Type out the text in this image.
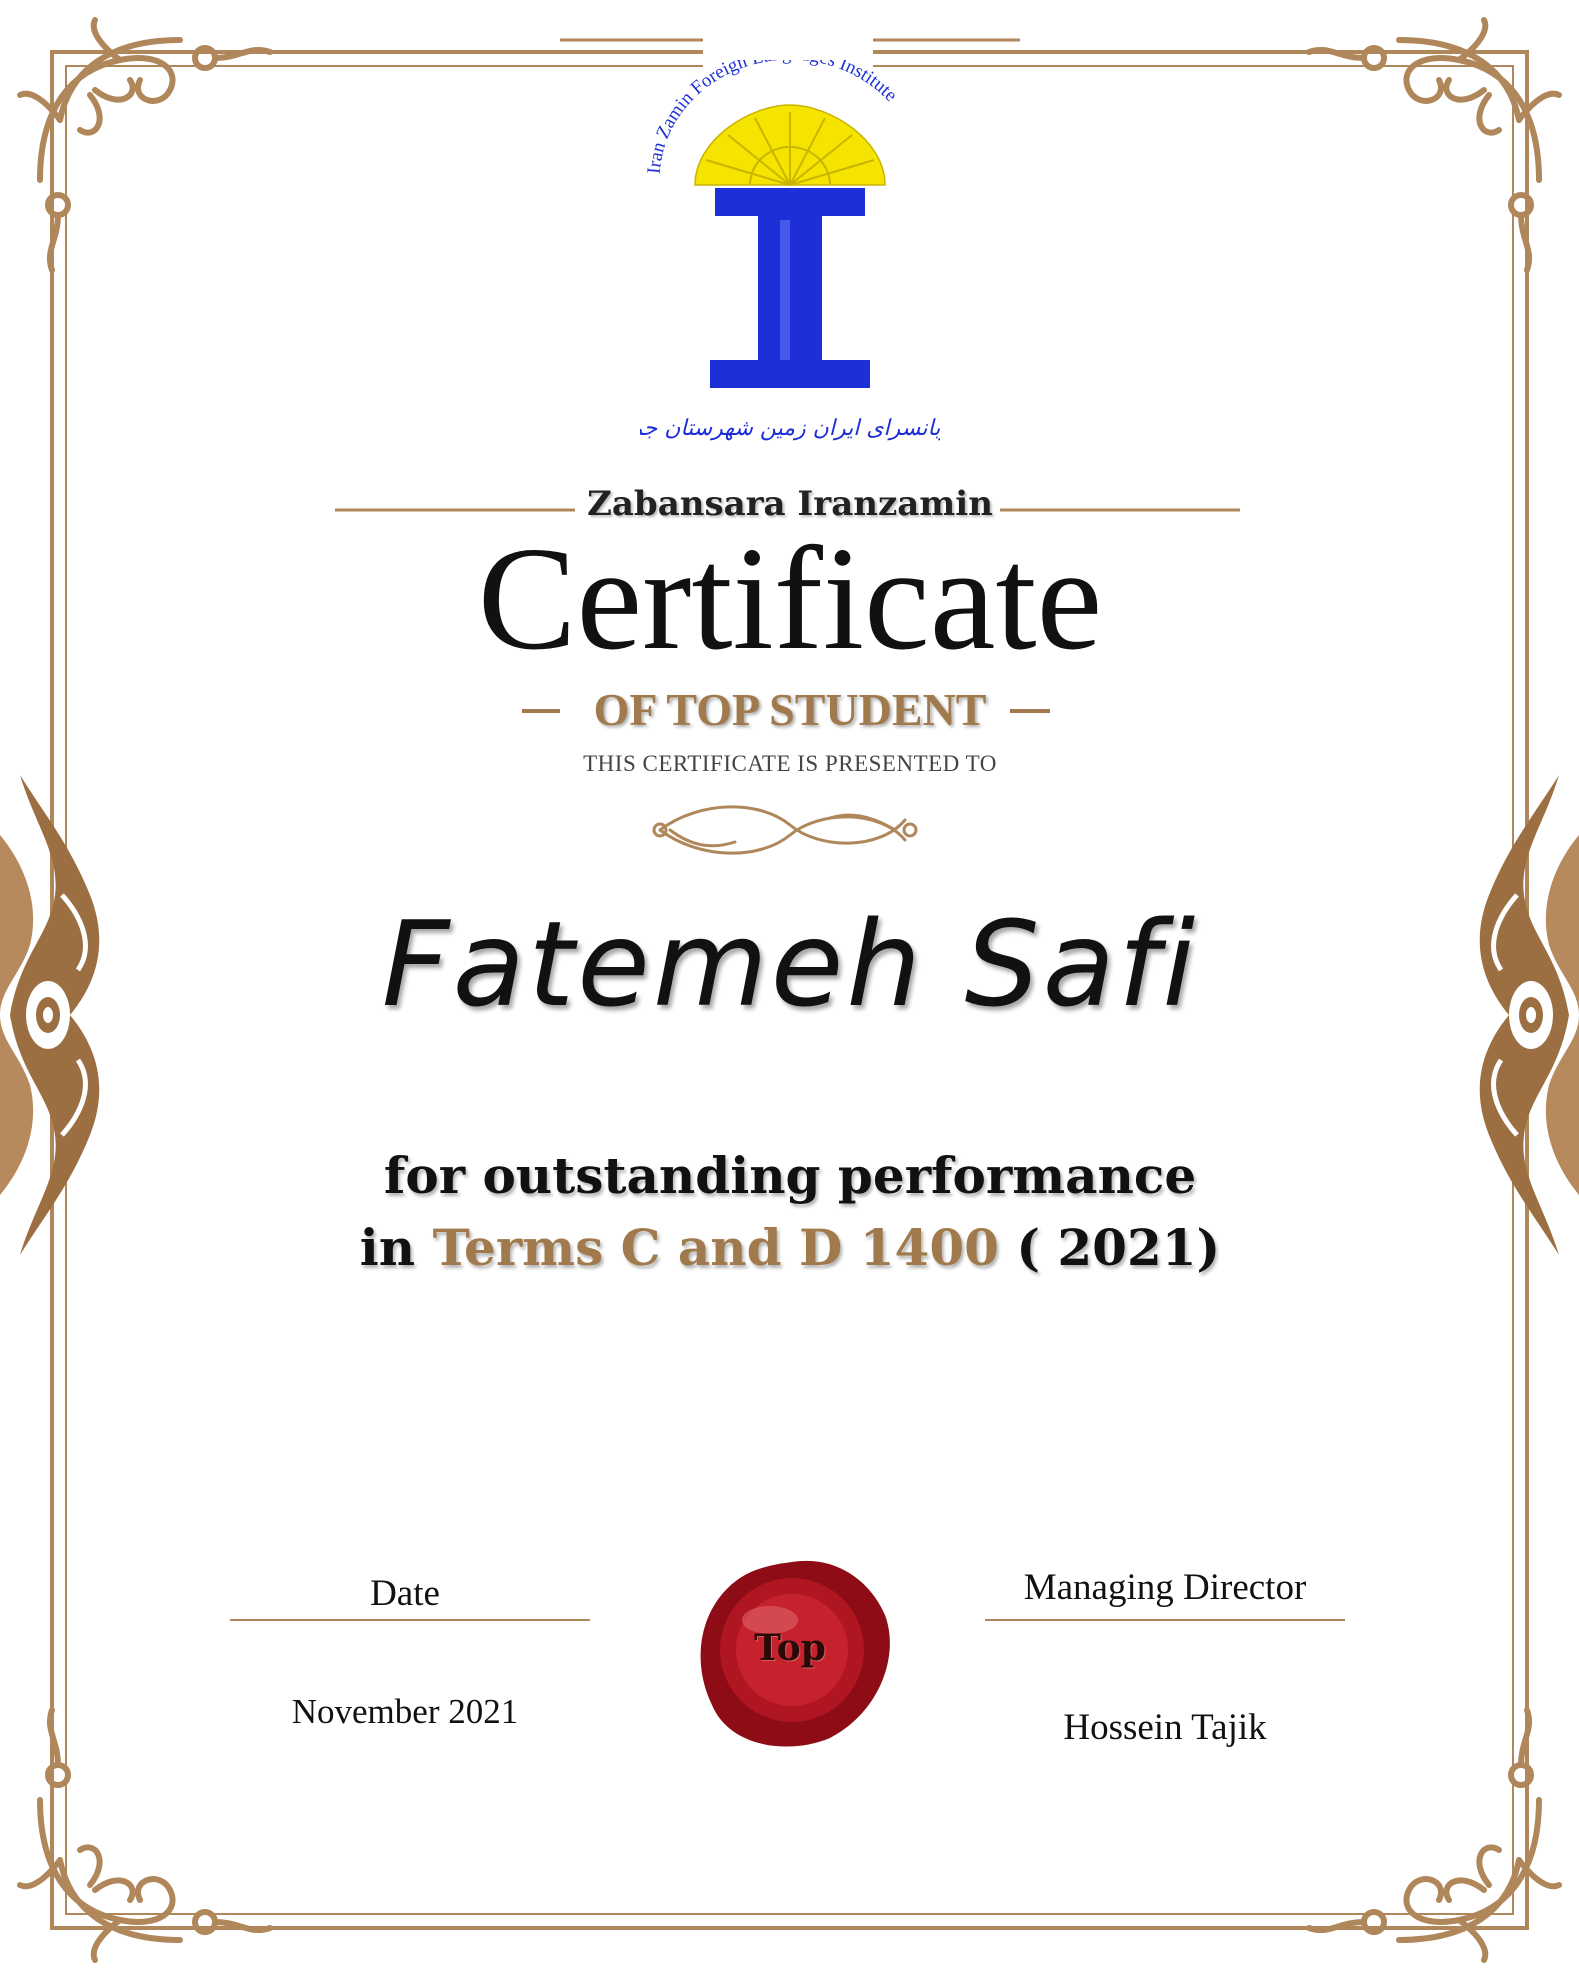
Iran Zamin Foreign s Institute
زبانسرای ایران زمین شهرستان جم
Zabansara Iranzamin
Certificate
OF TOP STUDENT
THIS CERTIFICATE IS PRESENTED TO
Fatemeh Safi
for outstanding performance
in Terms C and D 1400 ( 2021)
Date
November 2021
Top
Managing Director
Hossein Tajik
